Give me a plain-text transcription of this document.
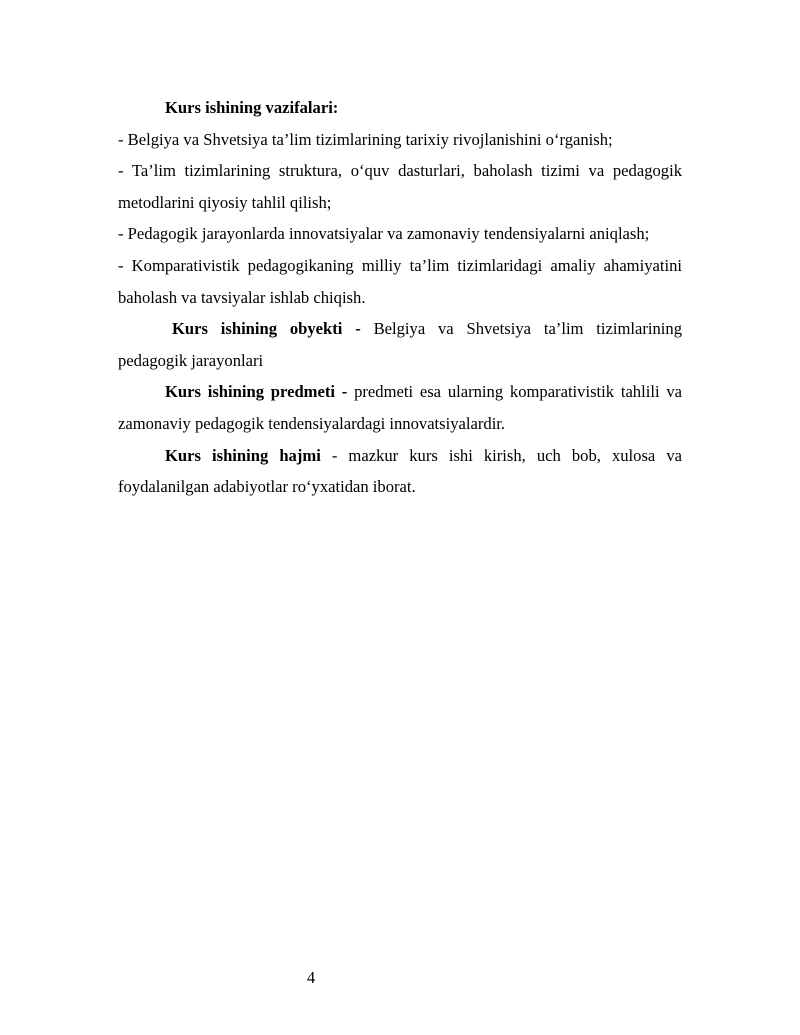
Kurs ishining vazifalari:

- Belgiya va Shvetsiya ta’lim tizimlarining tarixiy rivojlanishini o‘rganish;

- Ta’lim tizimlarining struktura, o‘quv dasturlari, baholash tizimi va pedagogik metodlarini qiyosiy tahlil qilish;

- Pedagogik jarayonlarda innovatsiyalar va zamonaviy tendensiyalarni aniqlash;

- Komparativistik pedagogikaning milliy ta’lim tizimlaridagi amaliy ahamiyatini baholash va tavsiyalar ishlab chiqish.

Kurs ishining obyekti - Belgiya va Shvetsiya ta’lim tizimlarining pedagogik jarayonlari

Kurs ishining predmeti - predmeti esa ularning komparativistik tahlili va zamonaviy pedagogik tendensiyalardagi innovatsiyalardir.

Kurs ishining hajmi - mazkur kurs ishi kirish, uch bob, xulosa va foydalanilgan adabiyotlar ro‘yxatidan iborat.

4
